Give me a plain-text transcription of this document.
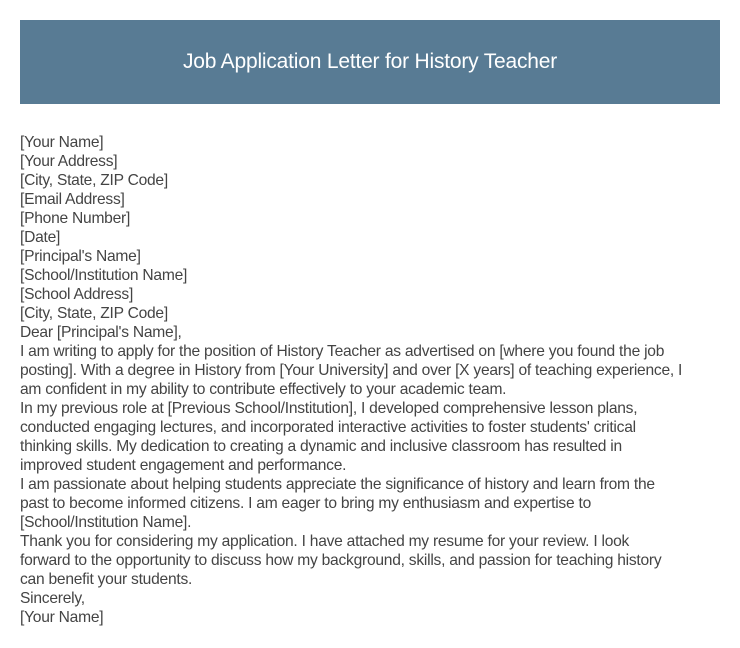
Job Application Letter for History Teacher
[Your Name]
[Your Address]
[City, State, ZIP Code]
[Email Address]
[Phone Number]
[Date]
[Principal's Name]
[School/Institution Name]
[School Address]
[City, State, ZIP Code]
Dear [Principal's Name],
I am writing to apply for the position of History Teacher as advertised on [where you found the job
posting]. With a degree in History from [Your University] and over [X years] of teaching experience, I
am confident in my ability to contribute effectively to your academic team.
In my previous role at [Previous School/Institution], I developed comprehensive lesson plans,
conducted engaging lectures, and incorporated interactive activities to foster students' critical
thinking skills. My dedication to creating a dynamic and inclusive classroom has resulted in
improved student engagement and performance.
I am passionate about helping students appreciate the significance of history and learn from the
past to become informed citizens. I am eager to bring my enthusiasm and expertise to
[School/Institution Name].
Thank you for considering my application. I have attached my resume for your review. I look
forward to the opportunity to discuss how my background, skills, and passion for teaching history
can benefit your students.
Sincerely,
[Your Name]
